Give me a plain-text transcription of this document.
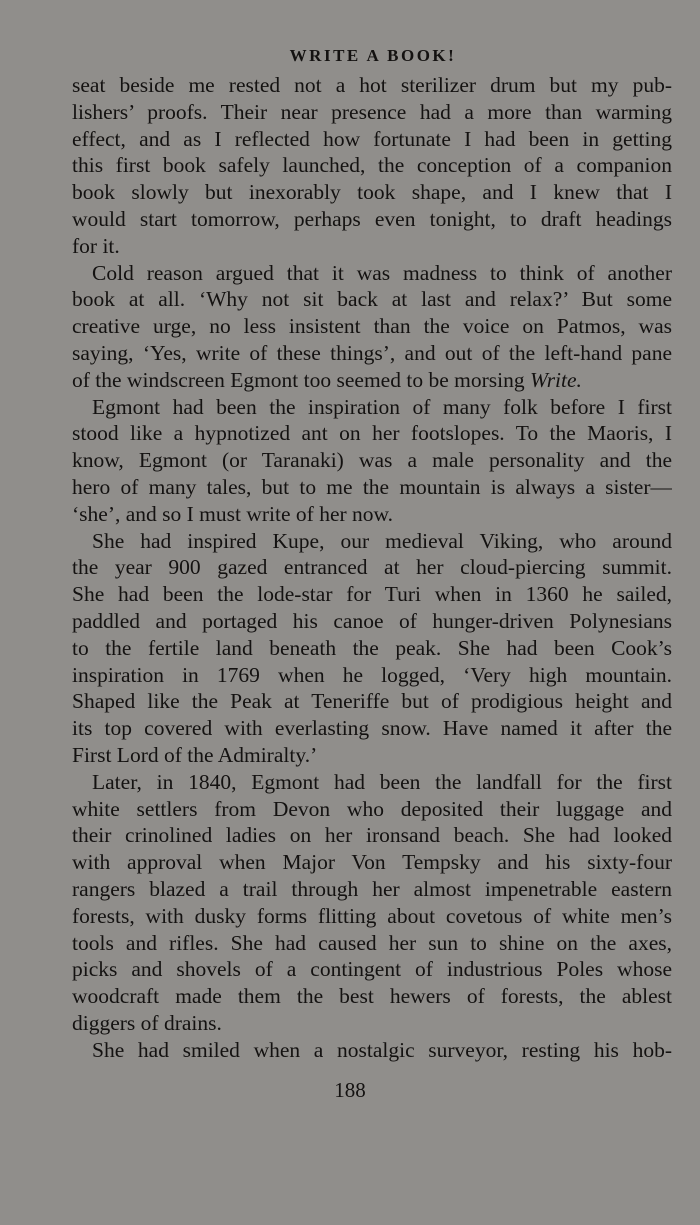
WRITE A BOOK!
seat beside me rested not a hot sterilizer drum but my pub-
lishers’ proofs. Their near presence had a more than warming
effect, and as I reflected how fortunate I had been in getting
this first book safely launched, the conception of a companion
book slowly but inexorably took shape, and I knew that I
would start tomorrow, perhaps even tonight, to draft headings
for it.
Cold reason argued that it was madness to think of another
book at all. ‘Why not sit back at last and relax?’ But some
creative urge, no less insistent than the voice on Patmos, was
saying, ‘Yes, write of these things’, and out of the left-hand pane
of the windscreen Egmont too seemed to be morsing Write.
Egmont had been the inspiration of many folk before I first
stood like a hypnotized ant on her footslopes. To the Maoris, I
know, Egmont (or Taranaki) was a male personality and the
hero of many tales, but to me the mountain is always a sister—
‘she’, and so I must write of her now.
She had inspired Kupe, our medieval Viking, who around
the year 900 gazed entranced at her cloud-piercing summit.
She had been the lode-star for Turi when in 1360 he sailed,
paddled and portaged his canoe of hunger-driven Polynesians
to the fertile land beneath the peak. She had been Cook’s
inspiration in 1769 when he logged, ‘Very high mountain.
Shaped like the Peak at Teneriffe but of prodigious height and
its top covered with everlasting snow. Have named it after the
First Lord of the Admiralty.’
Later, in 1840, Egmont had been the landfall for the first
white settlers from Devon who deposited their luggage and
their crinolined ladies on her ironsand beach. She had looked
with approval when Major Von Tempsky and his sixty-four
rangers blazed a trail through her almost impenetrable eastern
forests, with dusky forms flitting about covetous of white men’s
tools and rifles. She had caused her sun to shine on the axes,
picks and shovels of a contingent of industrious Poles whose
woodcraft made them the best hewers of forests, the ablest
diggers of drains.
She had smiled when a nostalgic surveyor, resting his hob-
188
